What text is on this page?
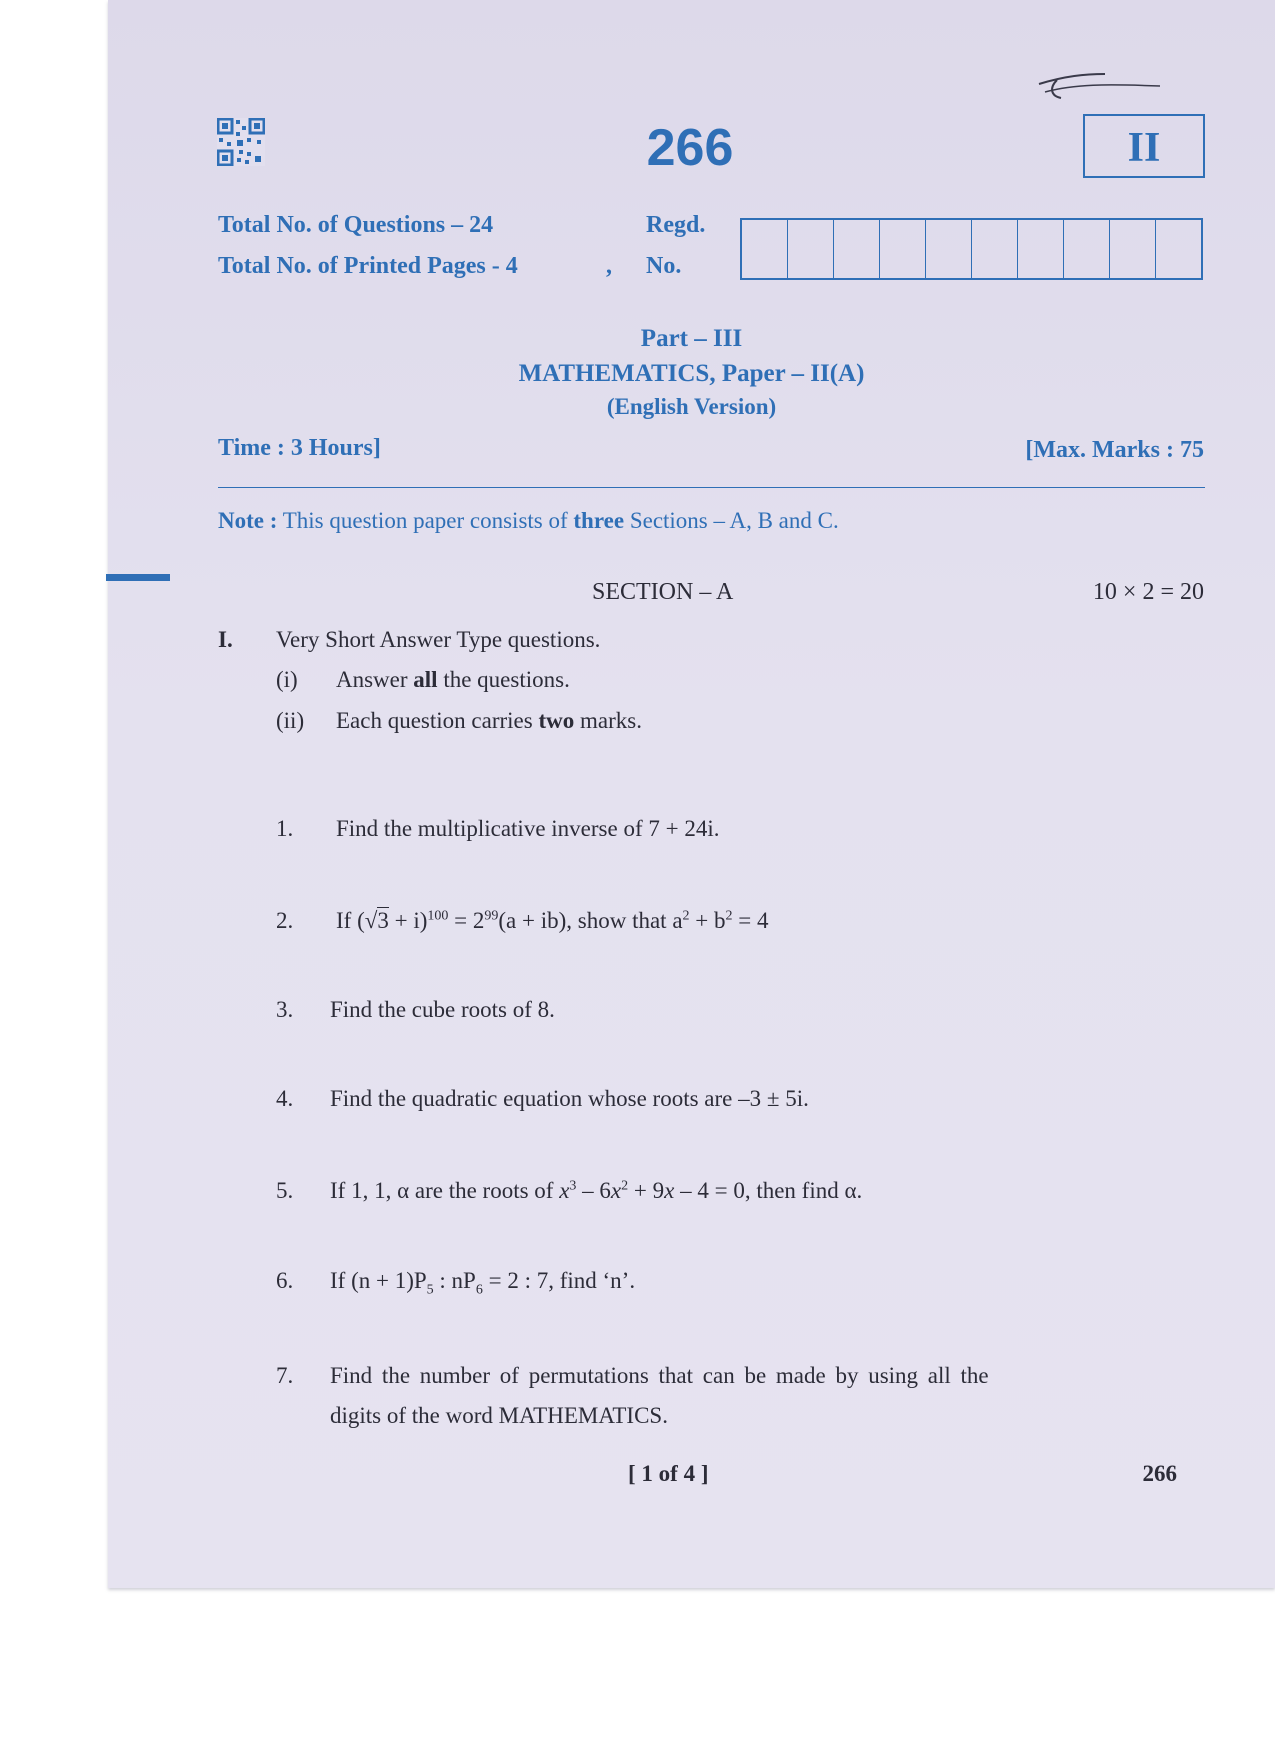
266	II
Total No. of Questions – 24
Total No. of Printed Pages - 4
Regd.
, No.
Part – III
MATHEMATICS, Paper – II(A)
(English Version)
Time : 3 Hours]	[Max. Marks : 75
Note : This question paper consists of three Sections – A, B and C.
SECTION – A	10 × 2 = 20
I. Very Short Answer Type questions.
(i) Answer all the questions.
(ii) Each question carries two marks.
1. Find the multiplicative inverse of 7 + 24i.
2. If $(√3 + i)^{100} = 2^{99}(a + ib)$, show that $a^2 + b^2 = 4$
3. Find the cube roots of 8.
4. Find the quadratic equation whose roots are –3 ± 5i.
5. If 1, 1, α are the roots of $x^3 - 6x^2 + 9x - 4 = 0$, then find α.
6. If $(n + 1)P_5$ : $nP_6 = 2$ : 7, find ‘n’.
7. Find the number of permutations that can be made by using all the
digits of the word MATHEMATICS.
[ 1 of 4 ]	266
